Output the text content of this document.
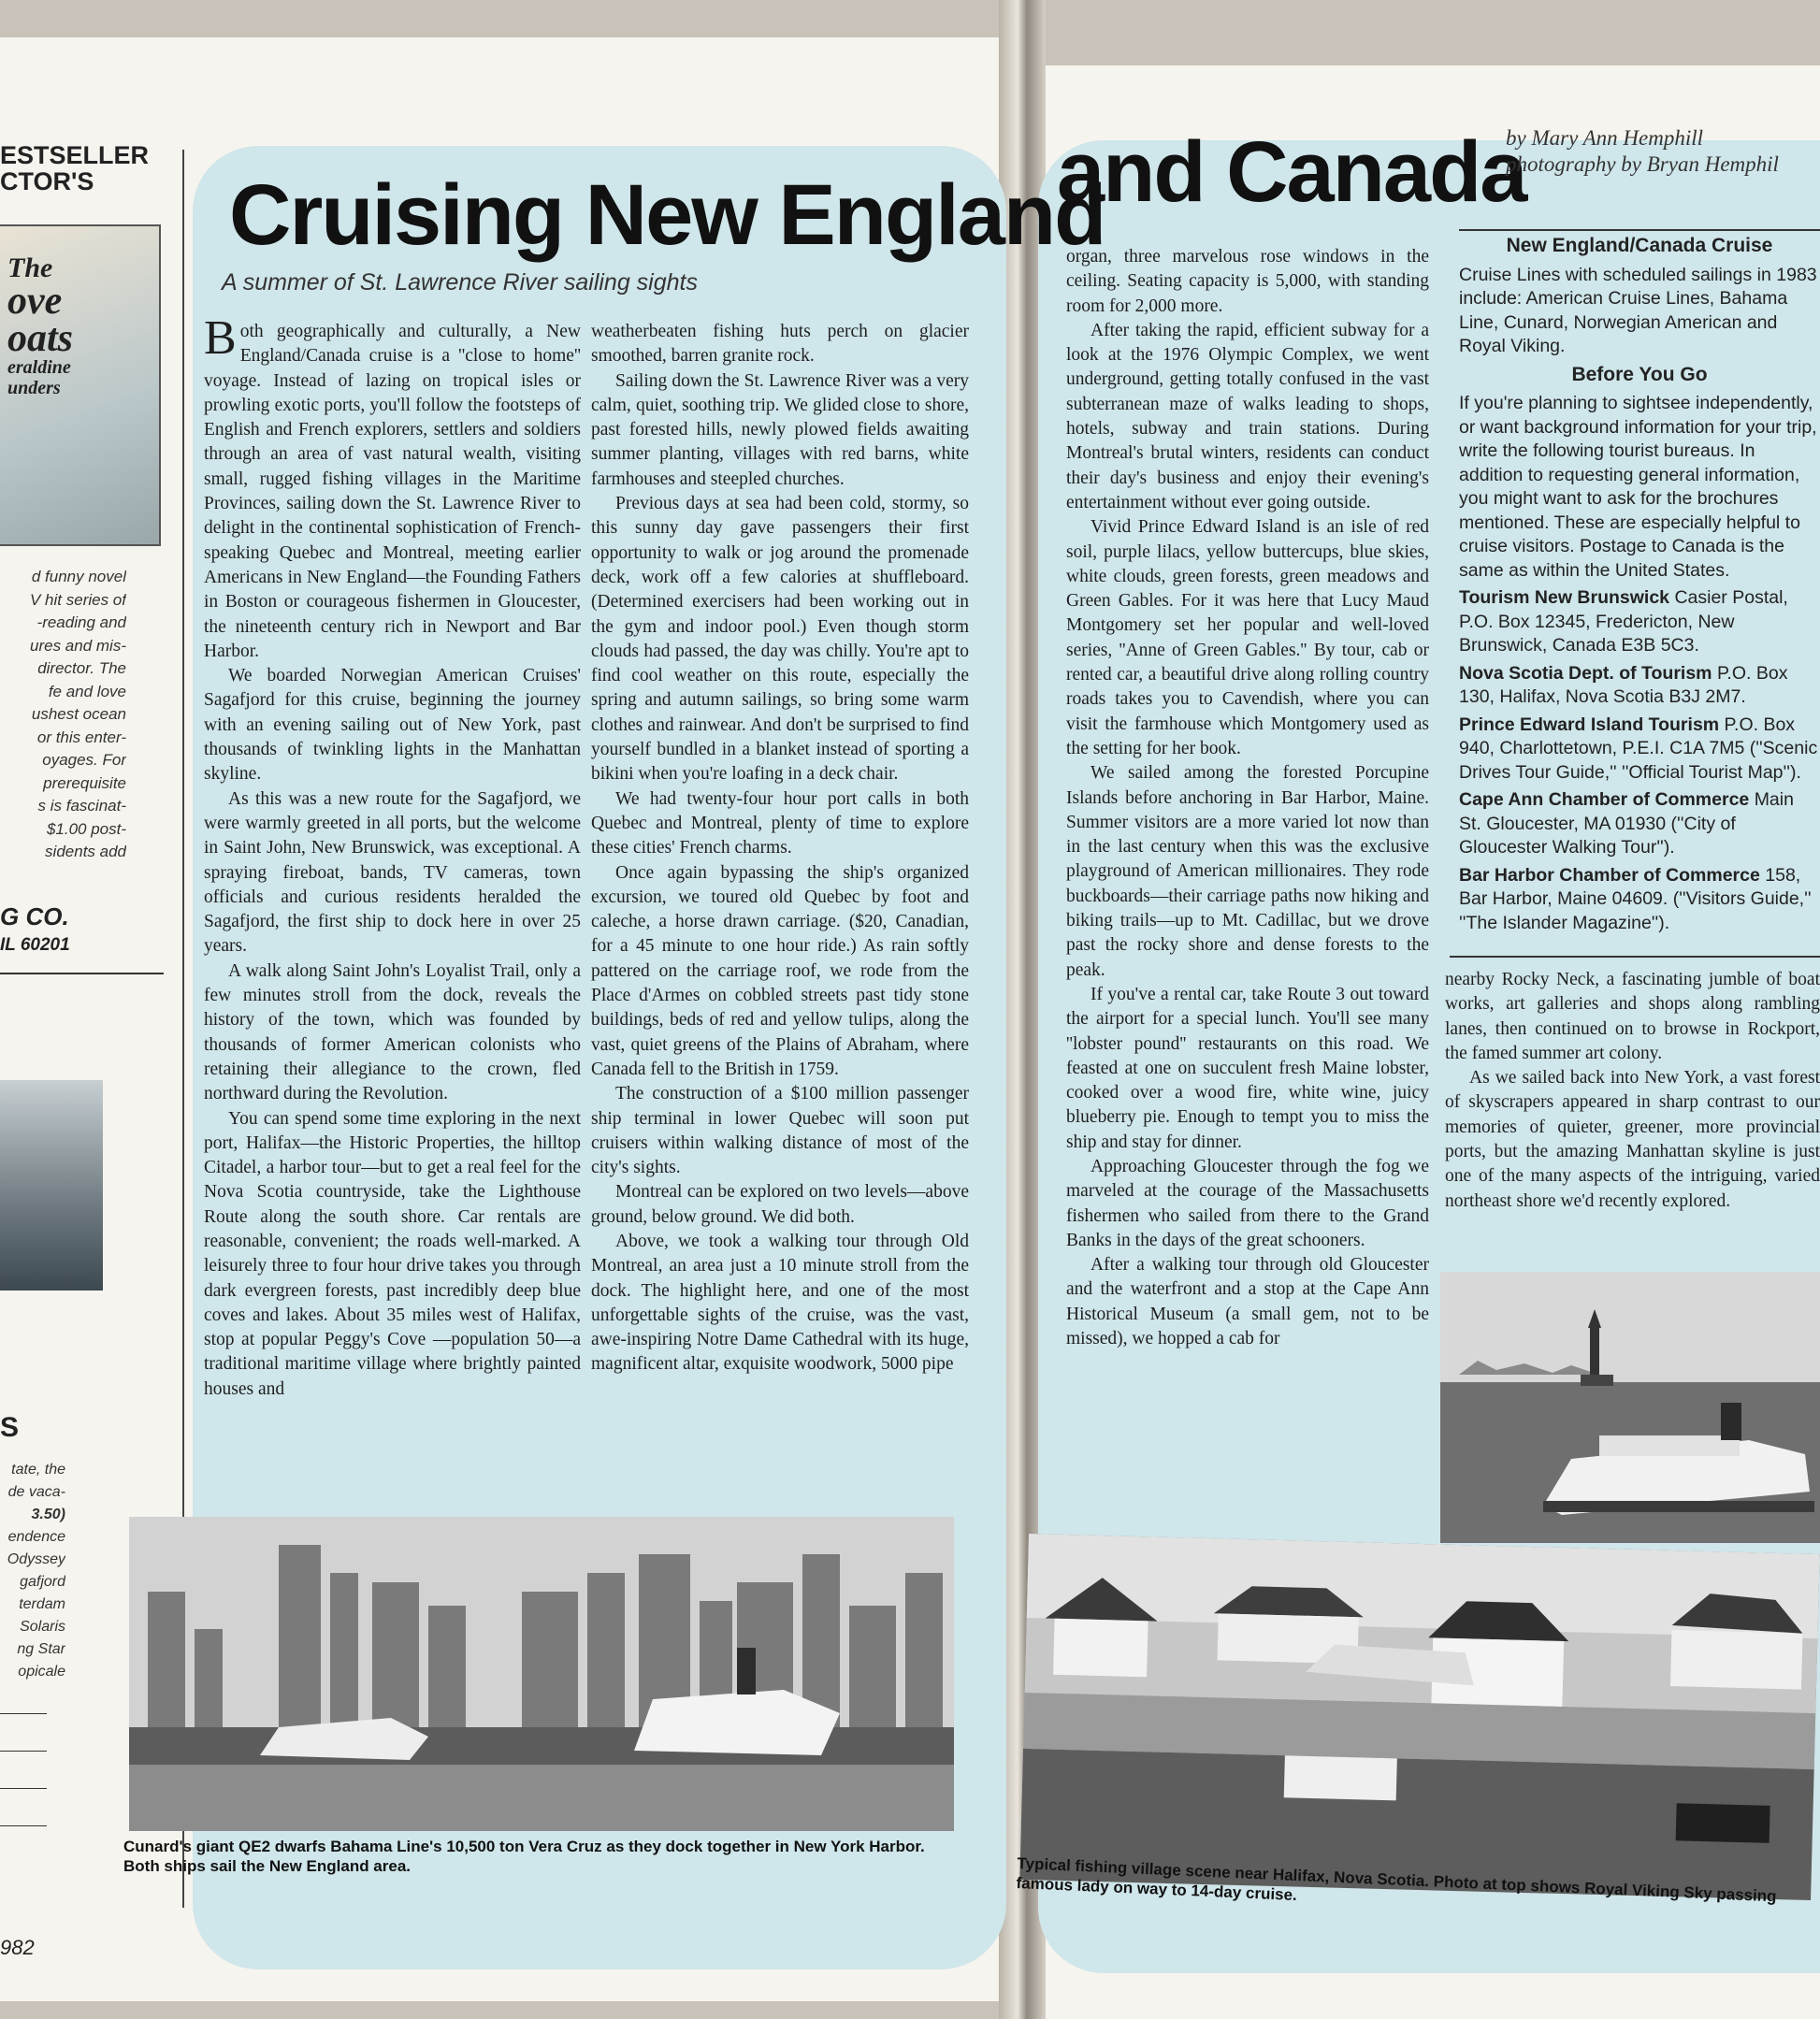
ESTSELLER
CTOR'S
The
ove
oats
eraldine
unders
d funny novel
V hit series of
-reading and
ures and mis-
director. The
fe and love
ushest ocean
or this enter-
oyages. For
prerequisite
s is fascinat-
$1.00 post-
sidents add
G CO.
IL 60201
S
tate, the
de vaca-
3.50)
endence
Odyssey
gafjord
terdam
Solaris
ng Star
opicale
Cruising New England
and Canada

A summer of St. Lawrence River sailing sights

by Mary Ann Hemphill
photography by Bryan Hemphil

Both geographically and culturally, a New England/Canada cruise is a ''close to home'' voyage. Instead of lazing on tropical isles or prowling exotic ports, you'll follow the footsteps of English and French explorers, settlers and soldiers through an area of vast natural wealth, visiting small, rugged fishing villages in the Maritime Provinces, sailing down the St. Lawrence River to delight in the continental sophistication of French-speaking Quebec and Montreal, meeting earlier Americans in New England—the Founding Fathers in Boston or courageous fishermen in Gloucester, the nineteenth century rich in Newport and Bar Harbor.

We boarded Norwegian American Cruises' Sagafjord for this cruise, beginning the journey with an evening sailing out of New York, past thousands of twinkling lights in the Manhattan skyline.

As this was a new route for the Sagafjord, we were warmly greeted in all ports, but the welcome in Saint John, New Brunswick, was exceptional. A spraying fireboat, bands, TV cameras, town officials and curious residents heralded the Sagafjord, the first ship to dock here in over 25 years.

A walk along Saint John's Loyalist Trail, only a few minutes stroll from the dock, reveals the history of the town, which was founded by thousands of former American colonists who retaining their allegiance to the crown, fled northward during the Revolution.

You can spend some time exploring in the next port, Halifax—the Historic Properties, the hilltop Citadel, a harbor tour—but to get a real feel for the Nova Scotia countryside, take the Lighthouse Route along the south shore. Car rentals are reasonable, convenient; the roads well-marked. A leisurely three to four hour drive takes you through dark evergreen forests, past incredibly deep blue coves and lakes. About 35 miles west of Halifax, stop at popular Peggy's Cove —population 50—a traditional maritime village where brightly painted houses and

weatherbeaten fishing huts perch on glacier smoothed, barren granite rock.

Sailing down the St. Lawrence River was a very calm, quiet, soothing trip. We glided close to shore, past forested hills, newly plowed fields awaiting summer planting, villages with red barns, white farmhouses and steepled churches.

Previous days at sea had been cold, stormy, so this sunny day gave passengers their first opportunity to walk or jog around the promenade deck, work off a few calories at shuffleboard. (Determined exercisers had been working out in the gym and indoor pool.) Even though storm clouds had passed, the day was chilly. You're apt to find cool weather on this route, especially the spring and autumn sailings, so bring some warm clothes and rainwear. And don't be surprised to find yourself bundled in a blanket instead of sporting a bikini when you're loafing in a deck chair.

We had twenty-four hour port calls in both Quebec and Montreal, plenty of time to explore these cities' French charms.

Once again bypassing the ship's organized excursion, we toured old Quebec by foot and caleche, a horse drawn carriage. ($20, Canadian, for a 45 minute to one hour ride.) As rain softly pattered on the carriage roof, we rode from the Place d'Armes on cobbled streets past tidy stone buildings, beds of red and yellow tulips, along the vast, quiet greens of the Plains of Abraham, where Canada fell to the British in 1759.

The construction of a $100 million passenger ship terminal in lower Quebec will soon put cruisers within walking distance of most of the city's sights.

Montreal can be explored on two levels—above ground, below ground. We did both.

Above, we took a walking tour through Old Montreal, an area just a 10 minute stroll from the dock. The highlight here, and one of the most unforgettable sights of the cruise, was the vast, awe-inspiring Notre Dame Cathedral with its huge, magnificent altar, exquisite woodwork, 5000 pipe

organ, three marvelous rose windows in the ceiling. Seating capacity is 5,000, with standing room for 2,000 more.

After taking the rapid, efficient subway for a look at the 1976 Olympic Complex, we went underground, getting totally confused in the vast subterranean maze of walks leading to shops, hotels, subway and train stations. During Montreal's brutal winters, residents can conduct their day's business and enjoy their evening's entertainment without ever going outside.

Vivid Prince Edward Island is an isle of red soil, purple lilacs, yellow buttercups, blue skies, white clouds, green forests, green meadows and Green Gables. For it was here that Lucy Maud Montgomery set her popular and well-loved series, ''Anne of Green Gables.'' By tour, cab or rented car, a beautiful drive along rolling country roads takes you to Cavendish, where you can visit the farmhouse which Montgomery used as the setting for her book.

We sailed among the forested Porcupine Islands before anchoring in Bar Harbor, Maine. Summer visitors are a more varied lot now than in the last century when this was the exclusive playground of American millionaires. They rode buckboards—their carriage paths now hiking and biking trails—up to Mt. Cadillac, but we drove past the rocky shore and dense forests to the peak.

If you've a rental car, take Route 3 out toward the airport for a special lunch. You'll see many ''lobster pound'' restaurants on this road. We feasted at one on succulent fresh Maine lobster, cooked over a wood fire, white wine, juicy blueberry pie. Enough to tempt you to miss the ship and stay for dinner.

Approaching Gloucester through the fog we marveled at the courage of the Massachusetts fishermen who sailed from there to the Grand Banks in the days of the great schooners.

After a walking tour through old Gloucester and the waterfront and a stop at the Cape Ann Historical Museum (a small gem, not to be missed), we hopped a cab for

New England/Canada Cruise

Cruise Lines with scheduled sailings in 1983 include: American Cruise Lines, Bahama Line, Cunard, Norwegian American and Royal Viking.

Before You Go

If you're planning to sightsee independently, or want background information for your trip, write the following tourist bureaus. In addition to requesting general information, you might want to ask for the brochures mentioned. These are especially helpful to cruise visitors. Postage to Canada is the same as within the United States.

Tourism New Brunswick Casier Postal, P.O. Box 12345, Fredericton, New Brunswick, Canada E3B 5C3.

Nova Scotia Dept. of Tourism P.O. Box 130, Halifax, Nova Scotia B3J 2M7.

Prince Edward Island Tourism P.O. Box 940, Charlottetown, P.E.I. C1A 7M5 (''Scenic Drives Tour Guide,'' ''Official Tourist Map'').

Cape Ann Chamber of Commerce Main St. Gloucester, MA 01930 (''City of Gloucester Walking Tour'').

Bar Harbor Chamber of Commerce 158, Bar Harbor, Maine 04609. (''Visitors Guide,'' ''The Islander Magazine'').

nearby Rocky Neck, a fascinating jumble of boat works, art galleries and shops along rambling lanes, then continued on to browse in Rockport, the famed summer art colony.

As we sailed back into New York, a vast forest of skyscrapers appeared in sharp contrast to our memories of quieter, greener, more provincial ports, but the amazing Manhattan skyline is just one of the many aspects of the intriguing, varied northeast shore we'd recently explored.

Cunard's giant QE2 dwarfs Bahama Line's 10,500 ton Vera Cruz as they dock together in New York Harbor. Both ships sail the New England area.	Typical fishing village scene near Halifax, Nova Scotia. Photo at top shows Royal Viking Sky passing famous lady on way to 14-day cruise.
982
